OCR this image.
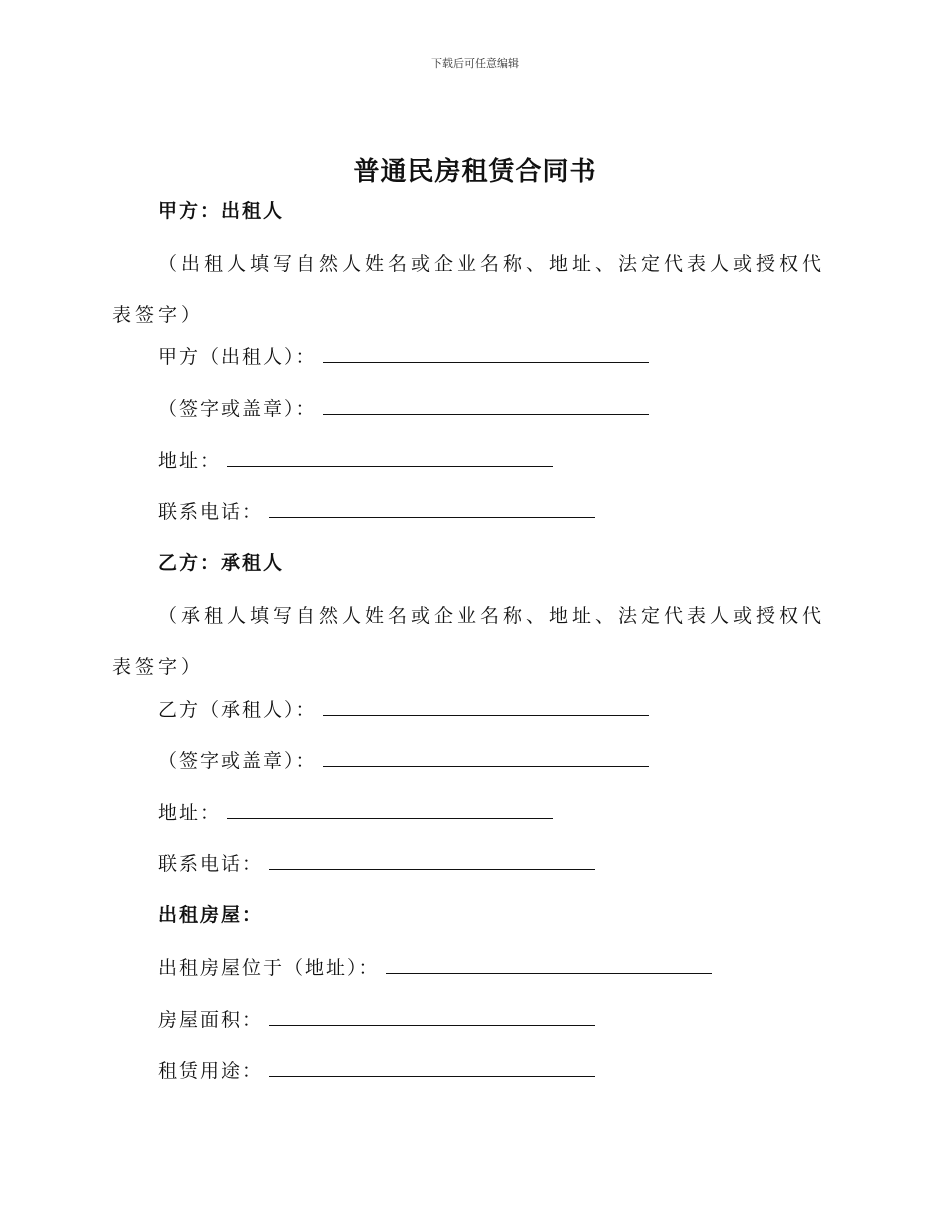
下载后可任意编辑
普通民房租赁合同书
甲方：出租人
（出租人填写自然人姓名或企业名称、地址、法定代表人或授权代表签字）
甲方（出租人）：
（签字或盖章）：
地址：
联系电话：
乙方：承租人
（承租人填写自然人姓名或企业名称、地址、法定代表人或授权代表签字）
乙方（承租人）：
（签字或盖章）：
地址：
联系电话：
出租房屋：
出租房屋位于（地址）：
房屋面积：
租赁用途：
